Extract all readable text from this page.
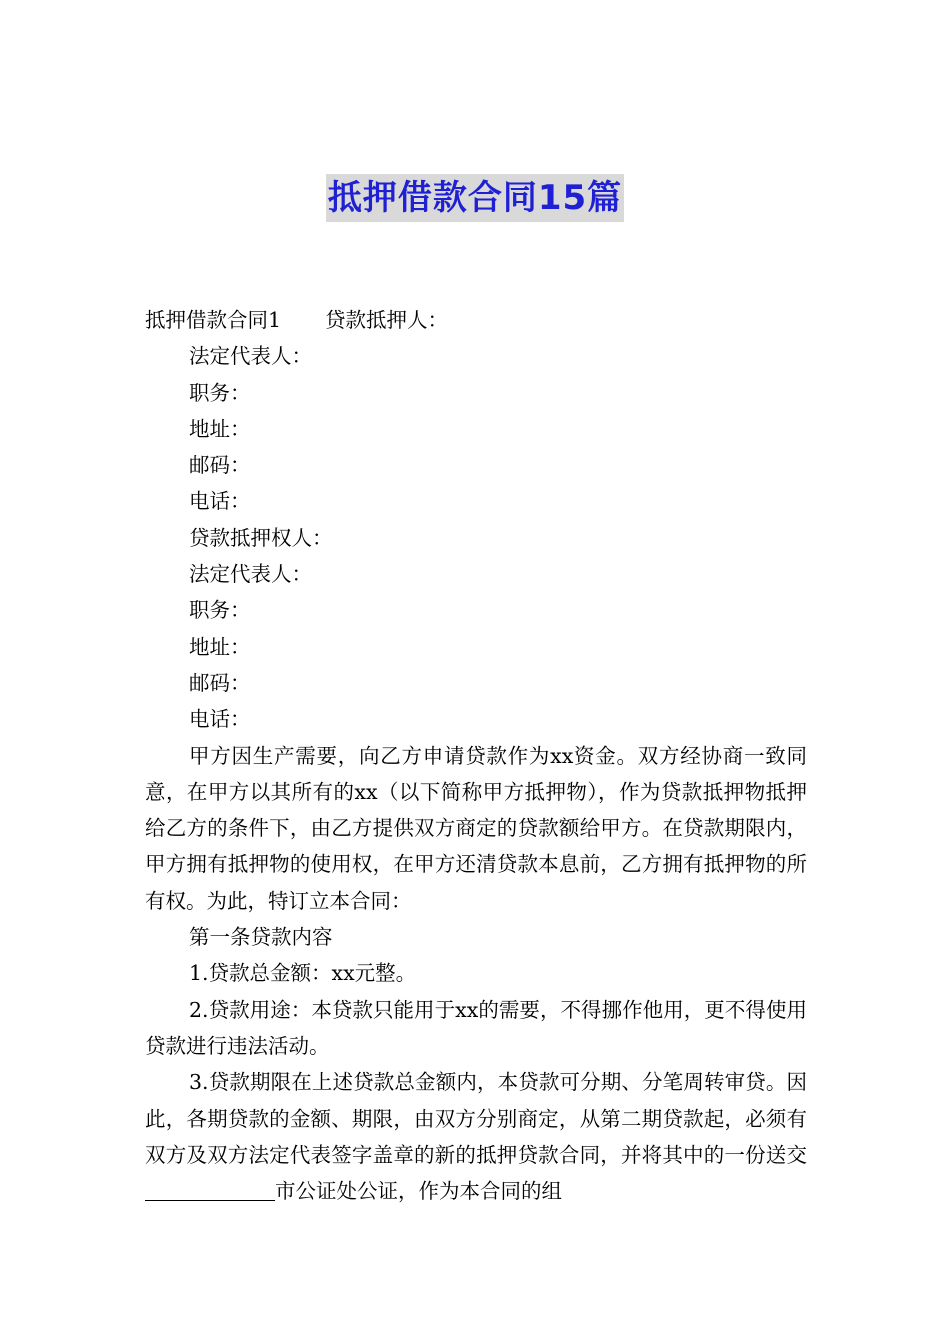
抵押借款合同15篇

抵押借款合同1 贷款抵押人：

法定代表人：

职务：

地址：

邮码：

电话：

贷款抵押权人：

法定代表人：

职务：

地址：

邮码：

电话：

甲方因生产需要，向乙方申请贷款作为xx资金。双方经协商一致同意，在甲方以其所有的xx（以下简称甲方抵押物），作为贷款抵押物抵押给乙方的条件下，由乙方提供双方商定的贷款额给甲方。在贷款期限内，甲方拥有抵押物的使用权，在甲方还清贷款本息前，乙方拥有抵押物的所有权。为此，特订立本合同：

第一条贷款内容

1.贷款总金额：xx元整。

2.贷款用途：本贷款只能用于xx的需要，不得挪作他用，更不得使用贷款进行违法活动。

3.贷款期限在上述贷款总金额内，本贷款可分期、分笔周转审贷。因此，各期贷款的金额、期限，由双方分别商定，从第二期贷款起，必须有双方及双方法定代表签字盖章的新的抵押贷款合同，并将其中的一份送交市公证处公证，作为本合同的组
